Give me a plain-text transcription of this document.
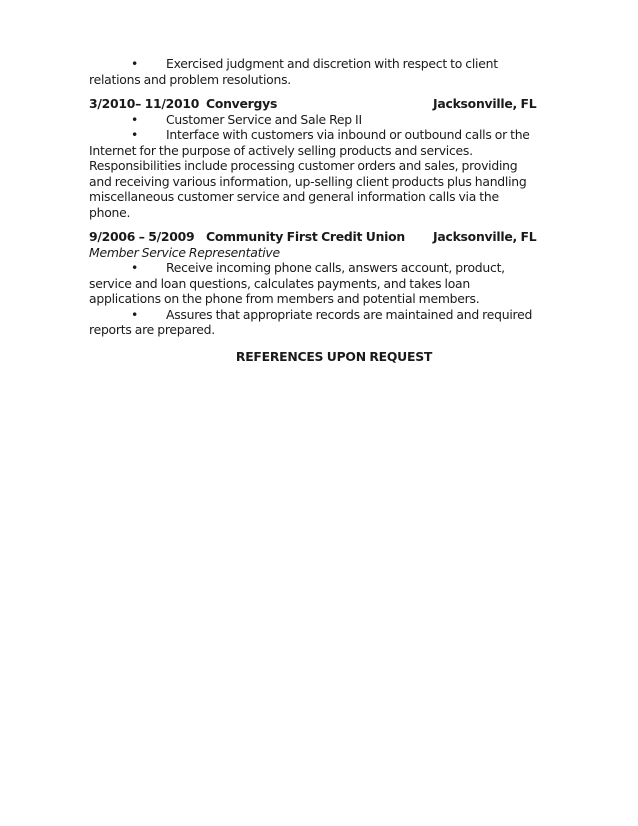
•	Exercised judgment and discretion with respect to client
relations and problem resolutions.
3/2010– 11/2010 Convergys	Jacksonville, FL
•	Customer Service and Sale Rep II
•	Interface with customers via inbound or outbound calls or the
Internet for the purpose of actively selling products and services.
Responsibilities include processing customer orders and sales, providing
and receiving various information, up-selling client products plus handling
miscellaneous customer service and general information calls via the
phone.
9/2006 – 5/2009 Community First Credit Union	Jacksonville, FL
Member Service Representative
•	Receive incoming phone calls, answers account, product,
service and loan questions, calculates payments, and takes loan
applications on the phone from members and potential members.
•	Assures that appropriate records are maintained and required
reports are prepared.
REFERENCES UPON REQUEST
